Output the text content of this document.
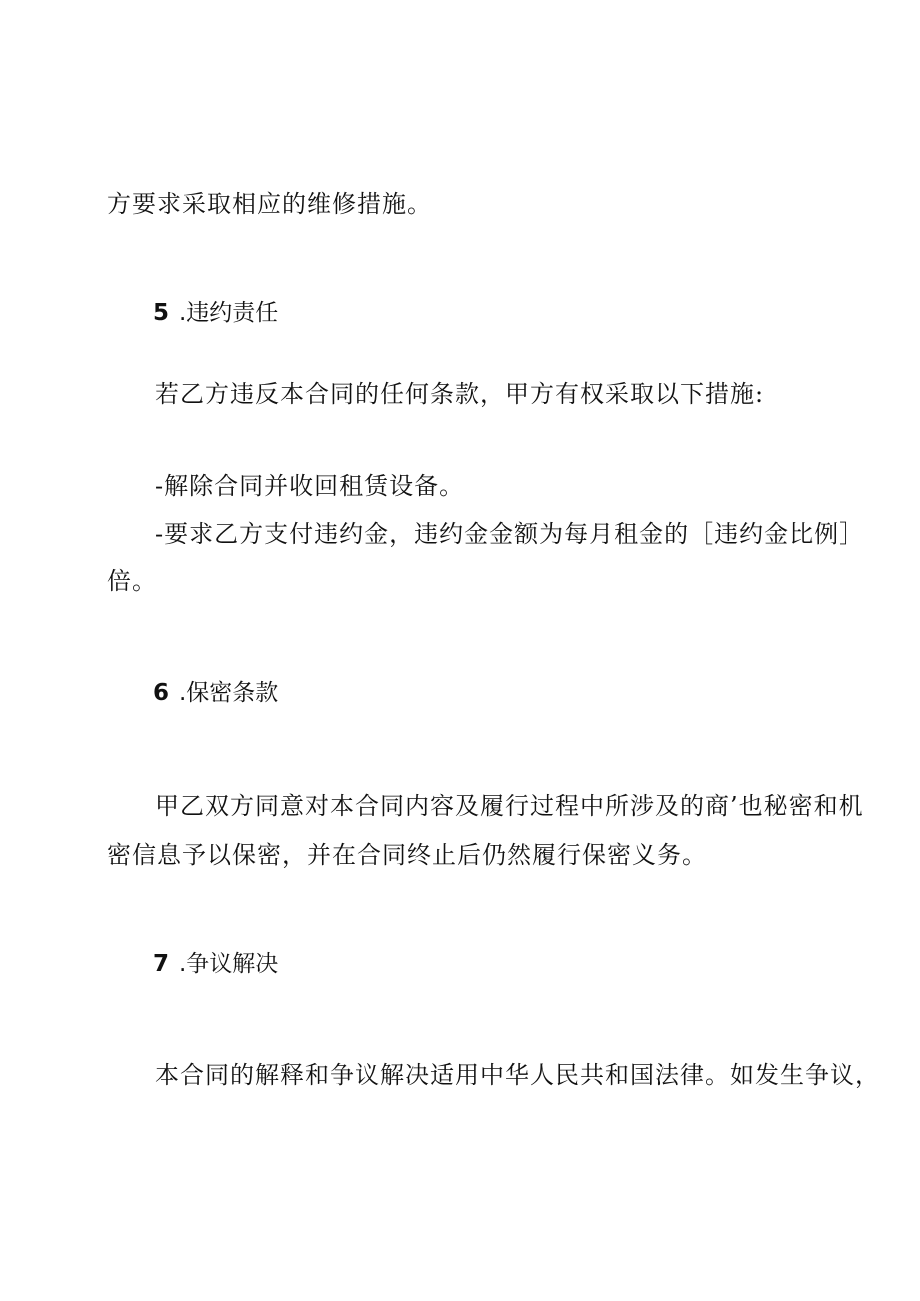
方要求采取相应的维修措施。
5 .违约责任
若乙方违反本合同的任何条款，甲方有权采取以下措施:
-解除合同并收回租赁设备。
-要求乙方支付违约金，违约金金额为每月租金的［违约金比例］
倍。
6 .保密条款
甲乙双方同意对本合同内容及履行过程中所涉及的商’也秘密和机
密信息予以保密，并在合同终止后仍然履行保密义务。
7 .争议解决
本合同的解释和争议解决适用中华人民共和国法律。如发生争议，
